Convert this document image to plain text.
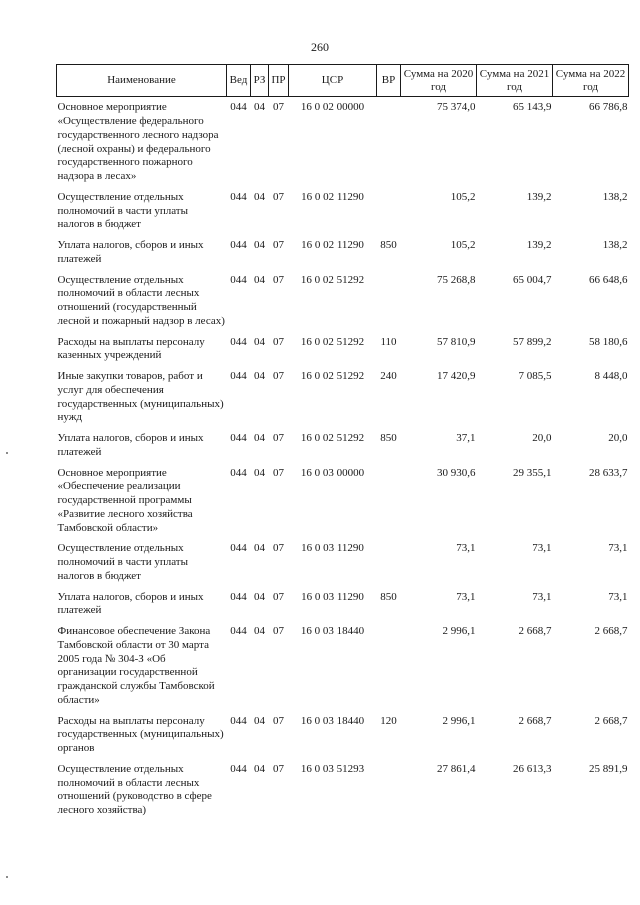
260
Наименование	Вед	РЗ	ПР	ЦСР	ВР	Сумма на 2020 год	Сумма на 2021 год	Сумма на 2022 год
Основное мероприятие «Осуществление федерального государственного лесного надзора (лесной охраны) и федерального государственного пожарного надзора в лесах»	044	04	07	16 0 02 00000		75 374,0	65 143,9	66 786,8
Осуществление отдельных полномочий в части уплаты налогов в бюджет	044	04	07	16 0 02 11290		105,2	139,2	138,2
Уплата налогов, сборов и иных платежей	044	04	07	16 0 02 11290	850	105,2	139,2	138,2
Осуществление отдельных полномочий в области лесных отношений (государственный лесной и пожарный надзор в лесах)	044	04	07	16 0 02 51292		75 268,8	65 004,7	66 648,6
Расходы на выплаты персоналу казенных учреждений	044	04	07	16 0 02 51292	110	57 810,9	57 899,2	58 180,6
Иные закупки товаров, работ и услуг для обеспечения государственных (муниципальных) нужд	044	04	07	16 0 02 51292	240	17 420,9	7 085,5	8 448,0
Уплата налогов, сборов и иных платежей	044	04	07	16 0 02 51292	850	37,1	20,0	20,0
Основное мероприятие «Обеспечение реализации государственной программы «Развитие лесного хозяйства Тамбовской области»	044	04	07	16 0 03 00000		30 930,6	29 355,1	28 633,7
Осуществление отдельных полномочий в части уплаты налогов в бюджет	044	04	07	16 0 03 11290		73,1	73,1	73,1
Уплата налогов, сборов и иных платежей	044	04	07	16 0 03 11290	850	73,1	73,1	73,1
Финансовое обеспечение Закона Тамбовской области от 30 марта 2005 года № 304-З «Об организации государственной гражданской службы Тамбовской области»	044	04	07	16 0 03 18440		2 996,1	2 668,7	2 668,7
Расходы на выплаты персоналу государственных (муниципальных) органов	044	04	07	16 0 03 18440	120	2 996,1	2 668,7	2 668,7
Осуществление отдельных полномочий в области лесных отношений (руководство в сфере лесного хозяйства)	044	04	07	16 0 03 51293		27 861,4	26 613,3	25 891,9
